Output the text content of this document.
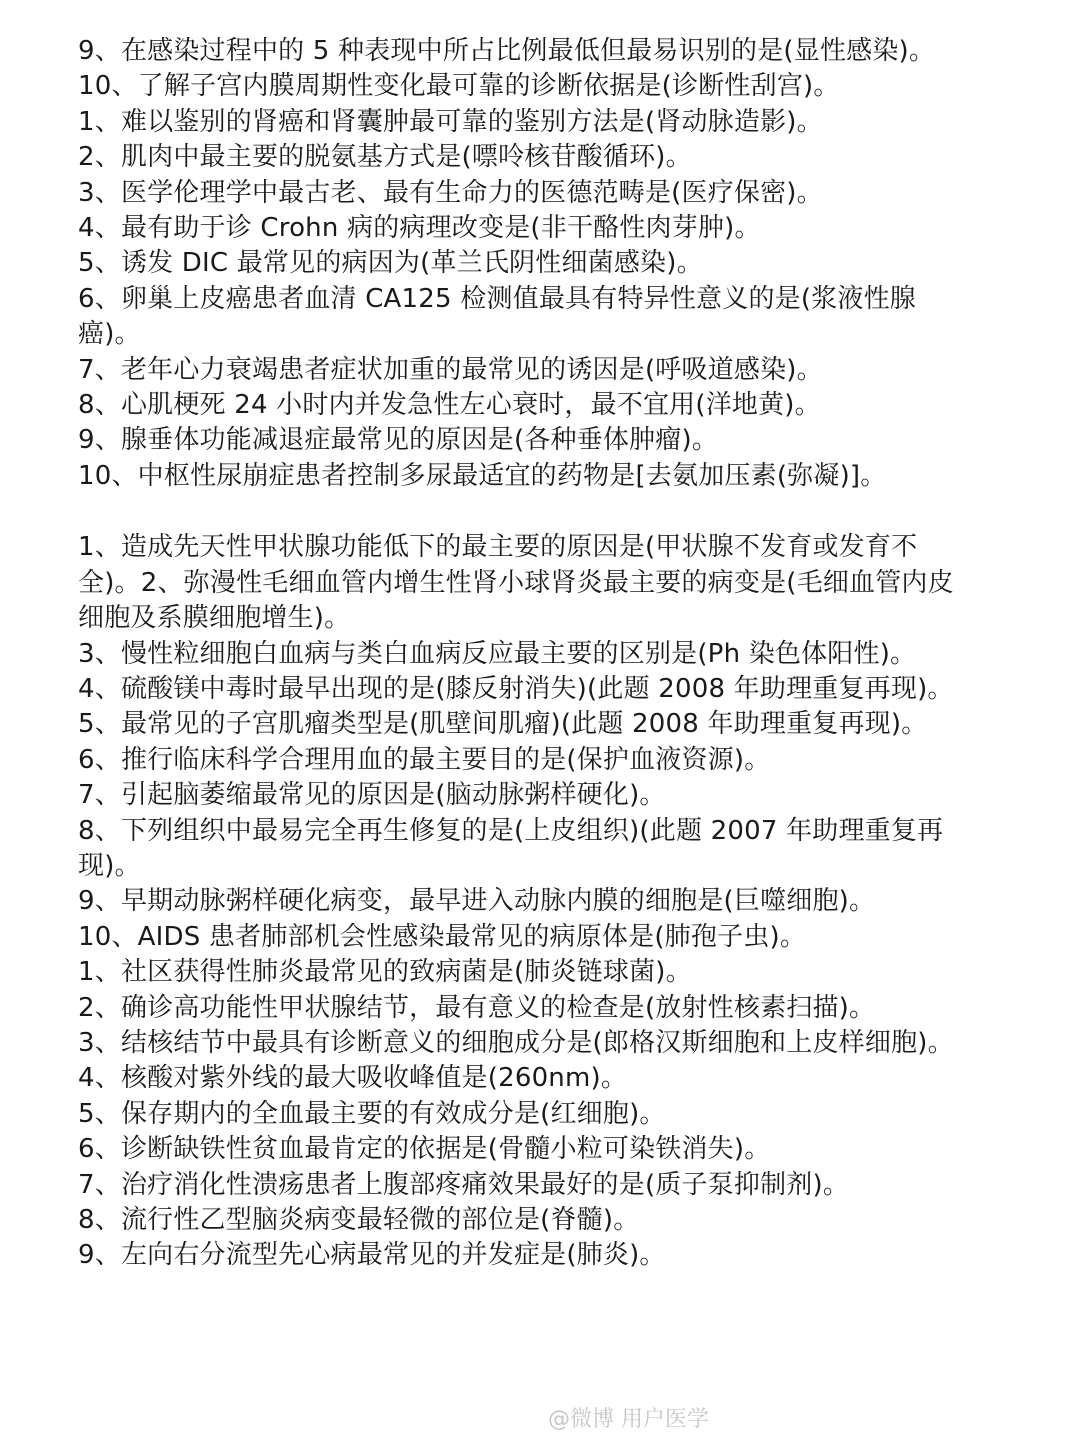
9、在感染过程中的 5 种表现中所占比例最低但最易识别的是(显性感染)。

10、了解子宫内膜周期性变化最可靠的诊断依据是(诊断性刮宫)。

1、难以鉴别的肾癌和肾囊肿最可靠的鉴别方法是(肾动脉造影)。

2、肌肉中最主要的脱氨基方式是(嘌呤核苷酸循环)。

3、医学伦理学中最古老、最有生命力的医德范畴是(医疗保密)。

4、最有助于诊 Crohn 病的病理改变是(非干酪性肉芽肿)。

5、诱发 DIC 最常见的病因为(革兰氏阴性细菌感染)。

6、卵巢上皮癌患者血清 CA125 检测值最具有特异性意义的是(浆液性腺癌)。

7、老年心力衰竭患者症状加重的最常见的诱因是(呼吸道感染)。

8、心肌梗死 24 小时内并发急性左心衰时，最不宜用(洋地黄)。

9、腺垂体功能减退症最常见的原因是(各种垂体肿瘤)。

10、中枢性尿崩症患者控制多尿最适宜的药物是[去氨加压素(弥凝)]。

1、造成先天性甲状腺功能低下的最主要的原因是(甲状腺不发育或发育不全)。2、弥漫性毛细血管内增生性肾小球肾炎最主要的病变是(毛细血管内皮细胞及系膜细胞增生)。

3、慢性粒细胞白血病与类白血病反应最主要的区别是(Ph 染色体阳性)。

4、硫酸镁中毒时最早出现的是(膝反射消失)(此题 2008 年助理重复再现)。

5、最常见的子宫肌瘤类型是(肌壁间肌瘤)(此题 2008 年助理重复再现)。

6、推行临床科学合理用血的最主要目的是(保护血液资源)。

7、引起脑萎缩最常见的原因是(脑动脉粥样硬化)。

8、下列组织中最易完全再生修复的是(上皮组织)(此题 2007 年助理重复再现)。

9、早期动脉粥样硬化病变，最早进入动脉内膜的细胞是(巨噬细胞)。

10、AIDS 患者肺部机会性感染最常见的病原体是(肺孢子虫)。

1、社区获得性肺炎最常见的致病菌是(肺炎链球菌)。

2、确诊高功能性甲状腺结节，最有意义的检查是(放射性核素扫描)。

3、结核结节中最具有诊断意义的细胞成分是(郎格汉斯细胞和上皮样细胞)。

4、核酸对紫外线的最大吸收峰值是(260nm)。

5、保存期内的全血最主要的有效成分是(红细胞)。

6、诊断缺铁性贫血最肯定的依据是(骨髓小粒可染铁消失)。

7、治疗消化性溃疡患者上腹部疼痛效果最好的是(质子泵抑制剂)。

8、流行性乙型脑炎病变最轻微的部位是(脊髓)。

9、左向右分流型先心病最常见的并发症是(肺炎)。

@微博 用户医学
